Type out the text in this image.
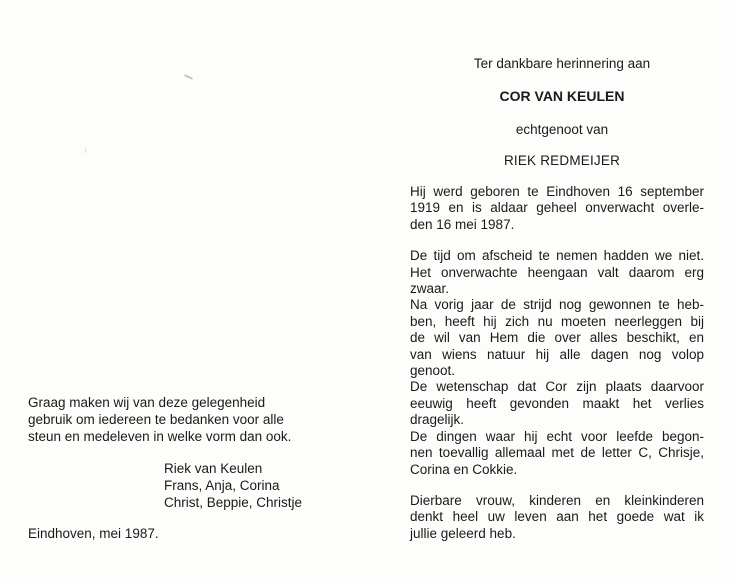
Graag maken wij van deze gelegenheid
gebruik om iedereen te bedanken voor alle
steun en medeleven in welke vorm dan ook.
Riek van Keulen
Frans, Anja, Corina
Christ, Beppie, Christje
Eindhoven, mei 1987.
Ter dankbare herinnering aan
COR VAN KEULEN
echtgenoot van
RIEK REDMEIJER

Hij werd geboren te Eindhoven 16 september
1919 en is aldaar geheel onverwacht overle-
den 16 mei 1987.

De tijd om afscheid te nemen hadden we niet.
Het onverwachte heengaan valt daarom erg
zwaar.
Na vorig jaar de strijd nog gewonnen te heb-
ben, heeft hij zich nu moeten neerleggen bij
de wil van Hem die over alles beschikt, en
van wiens natuur hij alle dagen nog volop
genoot.
De wetenschap dat Cor zijn plaats daarvoor
eeuwig heeft gevonden maakt het verlies
dragelijk.
De dingen waar hij echt voor leefde begon-
nen toevallig allemaal met de letter C, Chrisje,
Corina en Cokkie.

Dierbare vrouw, kinderen en kleinkinderen
denkt heel uw leven aan het goede wat ik
jullie geleerd heb.
